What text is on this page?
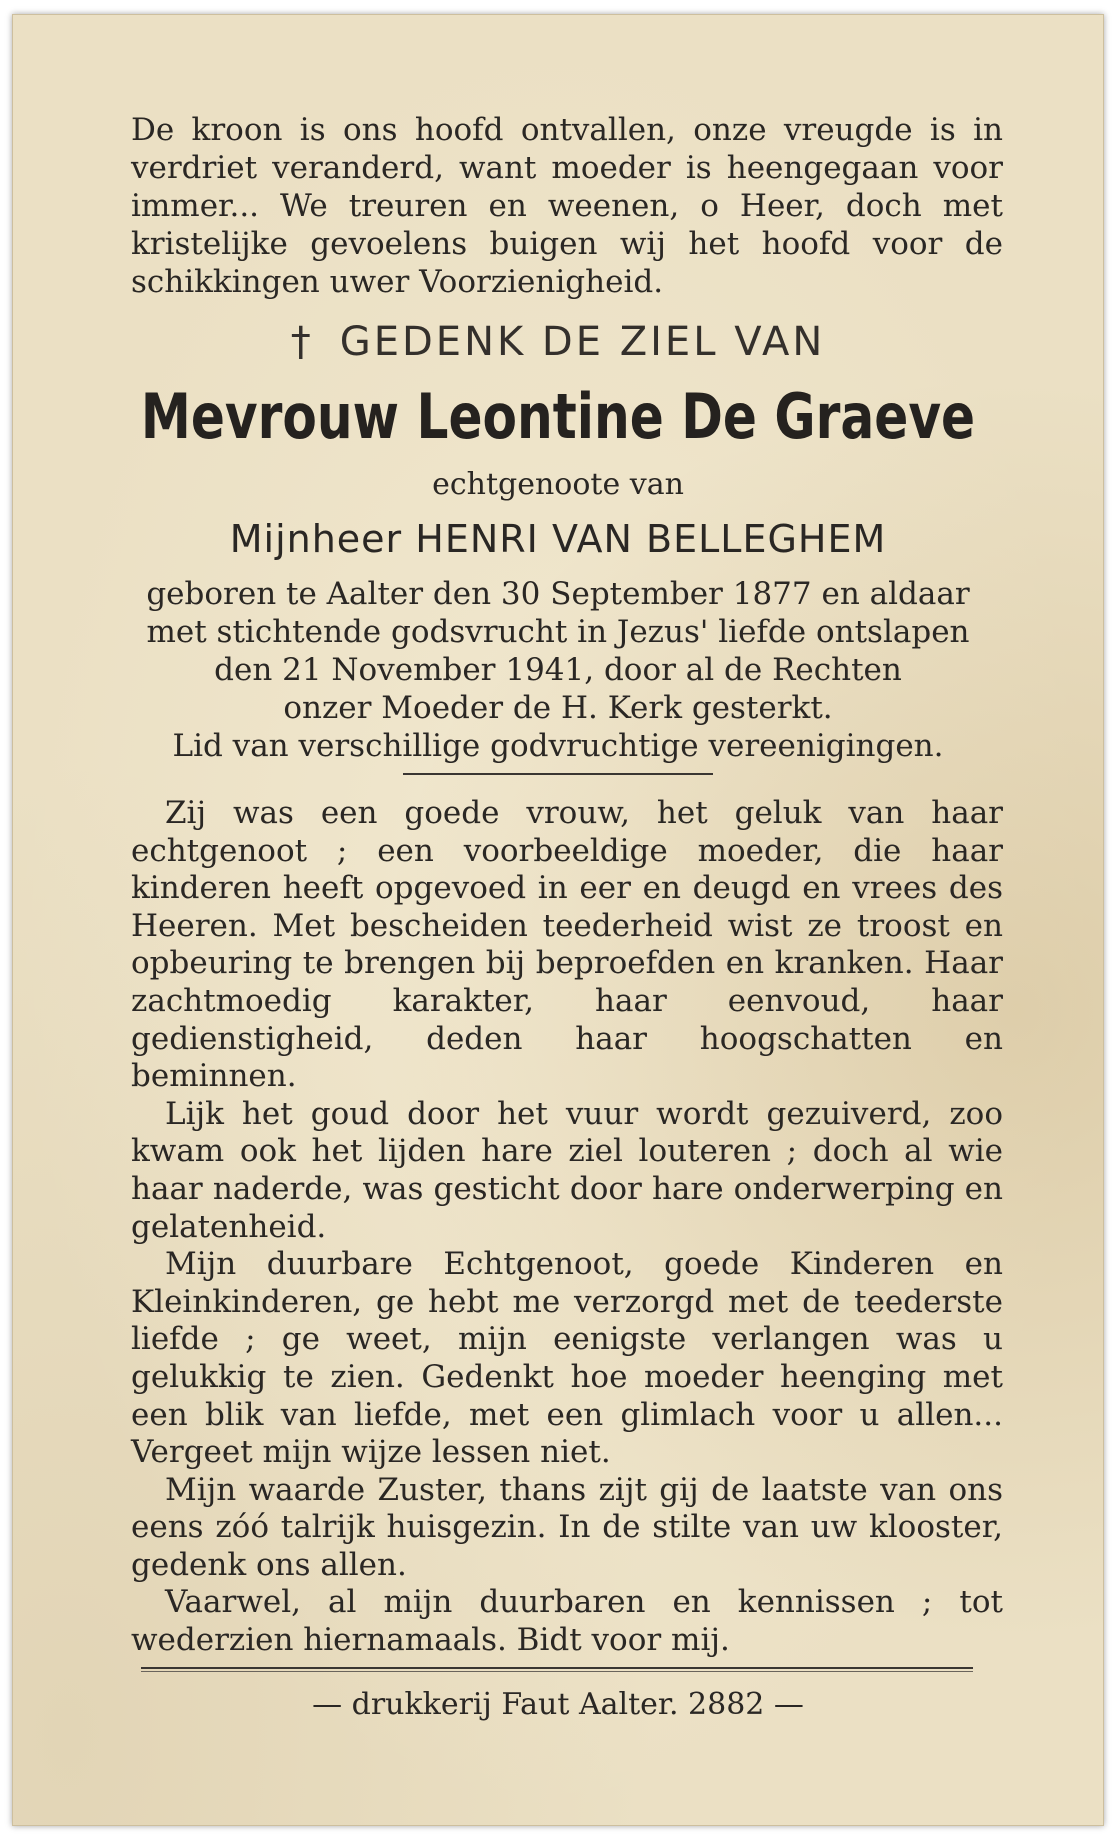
De kroon is ons hoofd ontvallen, onze vreugde is in verdriet veranderd, want moeder is heengegaan voor immer... We treuren en weenen, o Heer, doch met kristelijke gevoelens buigen wij het hoofd voor de schikkingen uwer Voorzienigheid.
† GEDENK DE ZIEL VAN
Mevrouw Leontine De Graeve
echtgenoote van
Mijnheer HENRI VAN BELLEGHEM
geboren te Aalter den 30 September 1877 en aldaar
met stichtende godsvrucht in Jezus' liefde ontslapen
den 21 November 1941, door al de Rechten
onzer Moeder de H. Kerk gesterkt.
Lid van verschillige godvruchtige vereenigingen.

Zij was een goede vrouw, het geluk van haar echtgenoot ; een voorbeeldige moeder, die haar kinderen heeft opgevoed in eer en deugd en vrees des Heeren. Met bescheiden teederheid wist ze troost en opbeuring te brengen bij beproefden en kranken. Haar zachtmoedig karakter, haar eenvoud, haar gedienstigheid, deden haar hoogschatten en beminnen.

Lijk het goud door het vuur wordt gezuiverd, zoo kwam ook het lijden hare ziel louteren ; doch al wie haar naderde, was gesticht door hare onderwerping en gelatenheid.

Mijn duurbare Echtgenoot, goede Kinderen en Kleinkinderen, ge hebt me verzorgd met de teederste liefde ; ge weet, mijn eenigste verlangen was u gelukkig te zien. Gedenkt hoe moeder heenging met een blik van liefde, met een glimlach voor u allen... Vergeet mijn wijze lessen niet.

Mijn waarde Zuster, thans zijt gij de laatste van ons eens zóó talrijk huisgezin. In de stilte van uw klooster, gedenk ons allen.

Vaarwel, al mijn duurbaren en kennissen ; tot wederzien hiernamaals. Bidt voor mij.

— drukkerij Faut Aalter. 2882 —
